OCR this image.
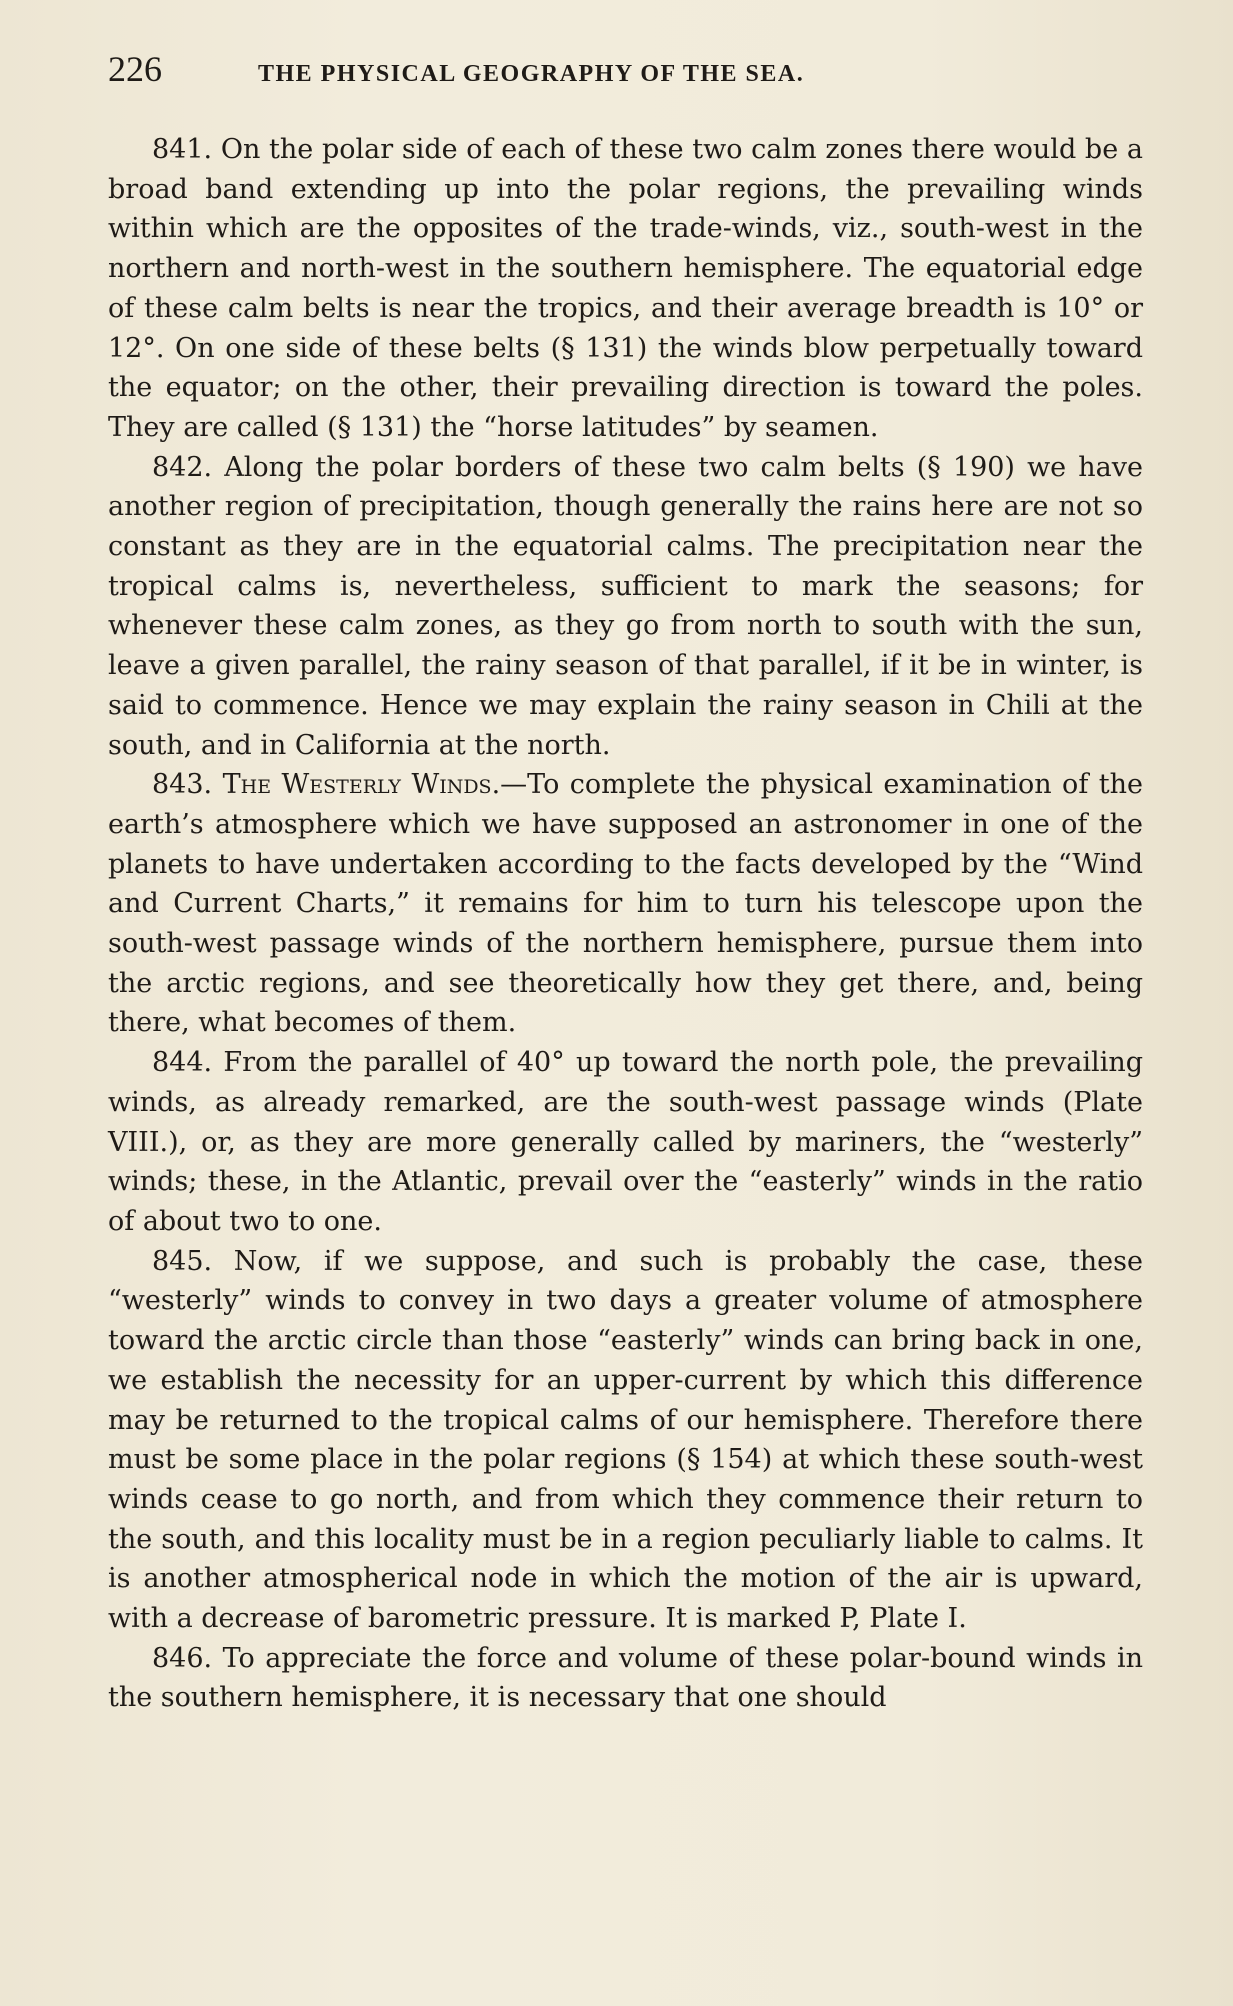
226	THE PHYSICAL GEOGRAPHY OF THE SEA.

841. On the polar side of each of these two calm zones there would be a broad band extending up into the polar regions, the prevailing winds within which are the opposites of the trade-winds, viz., south-west in the northern and north-west in the southern hemisphere. The equatorial edge of these calm belts is near the tropics, and their average breadth is 10° or 12°. On one side of these belts (§ 131) the winds blow perpetually toward the equator; on the other, their prevailing direction is toward the poles. They are called (§ 131) the “horse latitudes” by seamen.

842. Along the polar borders of these two calm belts (§ 190) we have another region of precipitation, though generally the rains here are not so constant as they are in the equatorial calms. The precipitation near the tropical calms is, nevertheless, sufficient to mark the seasons; for whenever these calm zones, as they go from north to south with the sun, leave a given parallel, the rainy season of that parallel, if it be in winter, is said to commence. Hence we may explain the rainy season in Chili at the south, and in California at the north.

843. The Westerly Winds.—To complete the physical examination of the earth’s atmosphere which we have supposed an astronomer in one of the planets to have undertaken according to the facts developed by the “Wind and Current Charts,” it remains for him to turn his telescope upon the south-west passage winds of the northern hemisphere, pursue them into the arctic regions, and see theoretically how they get there, and, being there, what becomes of them.

844. From the parallel of 40° up toward the north pole, the prevailing winds, as already remarked, are the south-west passage winds (Plate VIII.), or, as they are more generally called by mariners, the “westerly” winds; these, in the Atlantic, prevail over the “easterly” winds in the ratio of about two to one.

845. Now, if we suppose, and such is probably the case, these “westerly” winds to convey in two days a greater volume of atmosphere toward the arctic circle than those “easterly” winds can bring back in one, we establish the necessity for an upper-current by which this difference may be returned to the tropical calms of our hemisphere. Therefore there must be some place in the polar regions (§ 154) at which these south-west winds cease to go north, and from which they commence their return to the south, and this locality must be in a region peculiarly liable to calms. It is another atmospherical node in which the motion of the air is upward, with a decrease of barometric pressure. It is marked P, Plate I.

846. To appreciate the force and volume of these polar-bound winds in the southern hemisphere, it is necessary that one should
